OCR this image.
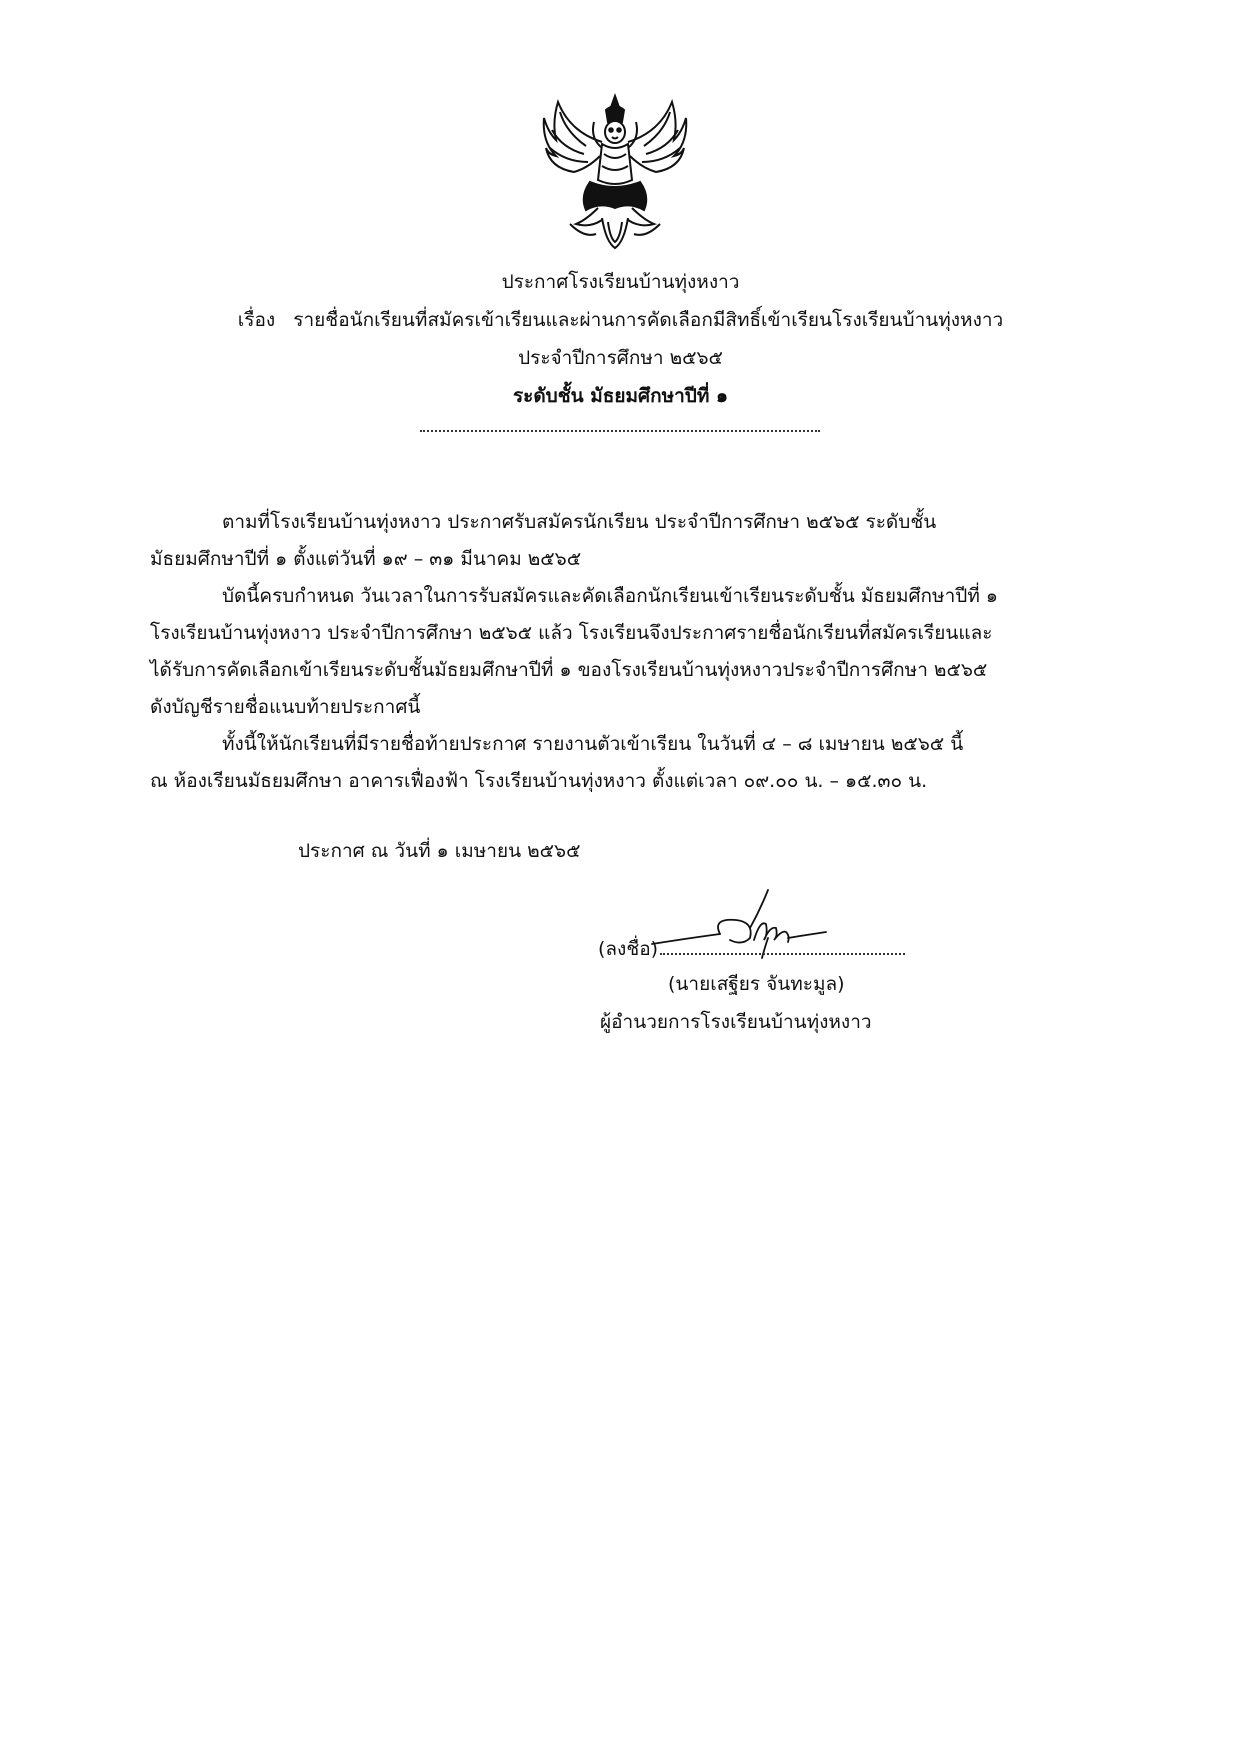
ประกาศโรงเรียนบ้านทุ่งหงาว
เรื่อง รายชื่อนักเรียนที่สมัครเข้าเรียนและผ่านการคัดเลือกมีสิทธิ์เข้าเรียนโรงเรียนบ้านทุ่งหงาว
ประจำปีการศึกษา ๒๕๖๕
ระดับชั้น มัธยมศึกษาปีที่ ๑
ตามที่โรงเรียนบ้านทุ่งหงาว ประกาศรับสมัครนักเรียน ประจำปีการศึกษา ๒๕๖๕ ระดับชั้น
มัธยมศึกษาปีที่ ๑ ตั้งแต่วันที่ ๑๙ – ๓๑ มีนาคม ๒๕๖๕
บัดนี้ครบกำหนด วันเวลาในการรับสมัครและคัดเลือกนักเรียนเข้าเรียนระดับชั้น มัธยมศึกษาปีที่ ๑
โรงเรียนบ้านทุ่งหงาว ประจำปีการศึกษา ๒๕๖๕ แล้ว โรงเรียนจึงประกาศรายชื่อนักเรียนที่สมัครเรียนและ
ได้รับการคัดเลือกเข้าเรียนระดับชั้นมัธยมศึกษาปีที่ ๑ ของโรงเรียนบ้านทุ่งหงาวประจำปีการศึกษา ๒๕๖๕
ดังบัญชีรายชื่อแนบท้ายประกาศนี้
ทั้งนี้ให้นักเรียนที่มีรายชื่อท้ายประกาศ รายงานตัวเข้าเรียน ในวันที่ ๔ – ๘ เมษายน ๒๕๖๕ นี้
ณ ห้องเรียนมัธยมศึกษา อาคารเฟื่องฟ้า โรงเรียนบ้านทุ่งหงาว ตั้งแต่เวลา ๐๙.๐๐ น. – ๑๕.๓๐ น.
ประกาศ ณ วันที่ ๑ เมษายน ๒๕๖๕
(ลงชื่อ)
(นายเสฐียร จันทะมูล)
ผู้อำนวยการโรงเรียนบ้านทุ่งหงาว
